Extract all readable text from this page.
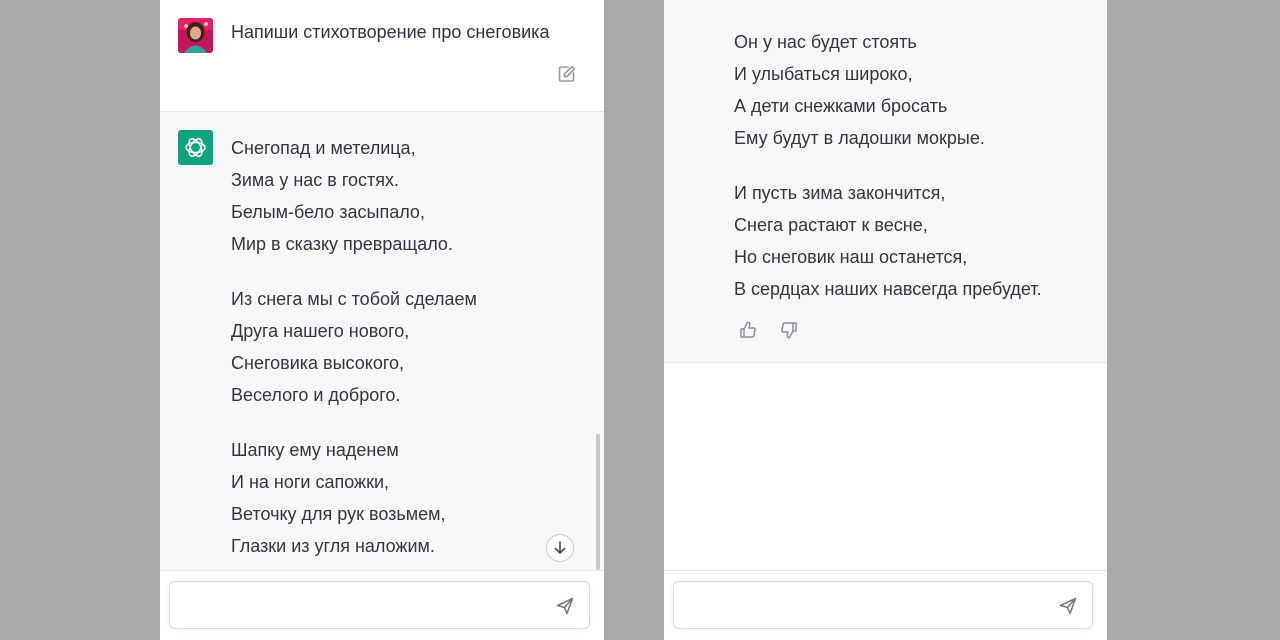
Напиши стихотворение про снеговика
Снегопад и метелица,
Зима у нас в гостях.
Белым-бело засыпало,
Мир в сказку превращало.
Из снега мы с тобой сделаем
Друга нашего нового,
Снеговика высокого,
Веселого и доброго.
Шапку ему наденем
И на ноги сапожки,
Веточку для рук возьмем,
Глазки из угля наложим.
Он у нас будет стоять
И улыбаться широко,
А дети снежками бросать
Ему будут в ладошки мокрые.
И пусть зима закончится,
Снега растают к весне,
Но снеговик наш останется,
В сердцах наших навсегда пребудет.
